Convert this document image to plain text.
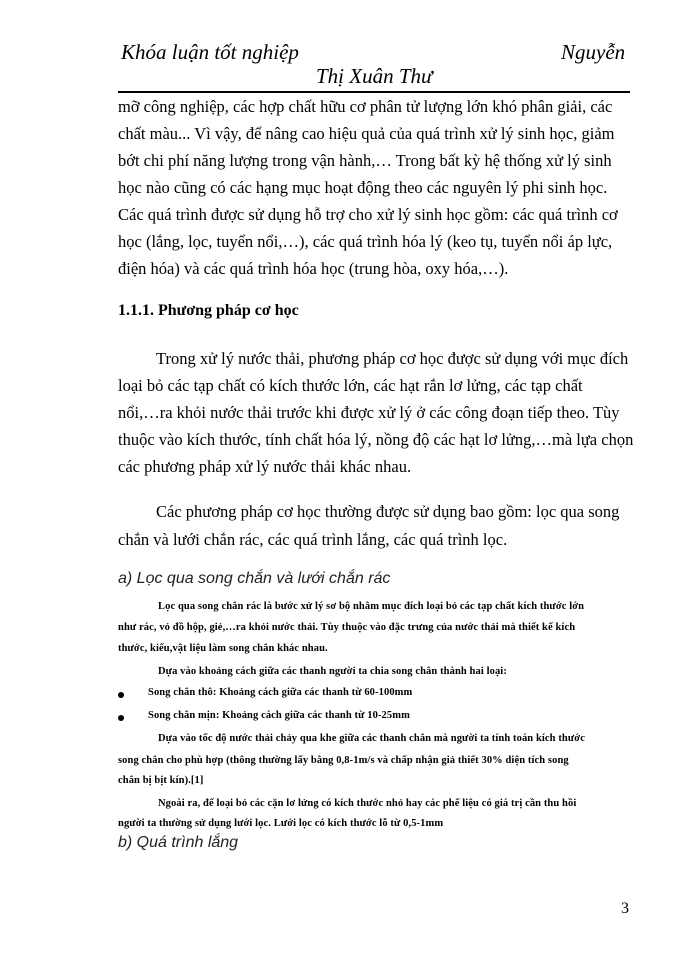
Khóa luận tốt nghiệp	Nguyễn
Thị Xuân Thư
mỡ công nghiệp, các hợp chất hữu cơ phân tử lượng lớn khó phân giải, các
chất màu... Vì vậy, để nâng cao hiệu quả của quá trình xử lý sinh học, giảm
bớt chi phí năng lượng trong vận hành,… Trong bất kỳ hệ thống xử lý sinh
học nào cũng có các hạng mục hoạt động theo các nguyên lý phi sinh học.
Các quá trình được sử dụng hỗ trợ cho xử lý sinh học gồm: các quá trình cơ
học (lắng, lọc, tuyển nổi,…), các quá trình hóa lý (keo tụ, tuyển nổi áp lực,
điện hóa) và các quá trình hóa học (trung hòa, oxy hóa,…).
1.1.1. Phương pháp cơ học
Trong xử lý nước thải, phương pháp cơ học được sử dụng với mục đích
loại bỏ các tạp chất có kích thước lớn, các hạt rắn lơ lửng, các tạp chất
nổi,…ra khỏi nước thải trước khi được xử lý ở các công đoạn tiếp theo. Tùy
thuộc vào kích thước, tính chất hóa lý, nồng độ các hạt lơ lửng,…mà lựa chọn
các phương pháp xử lý nước thải khác nhau.
Các phương pháp cơ học thường được sử dụng bao gồm: lọc qua song
chắn và lưới chắn rác, các quá trình lắng, các quá trình lọc.
a) Lọc qua song chắn và lưới chắn rác
Lọc qua song chắn rác là bước xử lý sơ bộ nhằm mục đích loại bỏ các tạp chất kích thước lớn
như rác, vỏ đồ hộp, giẻ,…ra khỏi nước thải. Tùy thuộc vào đặc trưng của nước thải mà thiết kế kích
thước, kiểu,vật liệu làm song chắn khác nhau.
Dựa vào khoảng cách giữa các thanh người ta chia song chắn thành hai loại:
Song chắn thô: Khoảng cách giữa các thanh từ 60-100mm
Song chắn mịn: Khoảng cách giữa các thanh từ 10-25mm
Dựa vào tốc độ nước thải chảy qua khe giữa các thanh chắn mà người ta tính toán kích thước
song chắn cho phù hợp (thông thường lấy bằng 0,8-1m/s và chấp nhận giả thiết 30% diện tích song
chắn bị bịt kín).[1]
Ngoài ra, để loại bỏ các cặn lơ lửng có kích thước nhỏ hay các phế liệu có giá trị cần thu hồi
người ta thường sử dụng lưới lọc. Lưới lọc có kích thước lỗ từ 0,5-1mm
b) Quá trình lắng
3
